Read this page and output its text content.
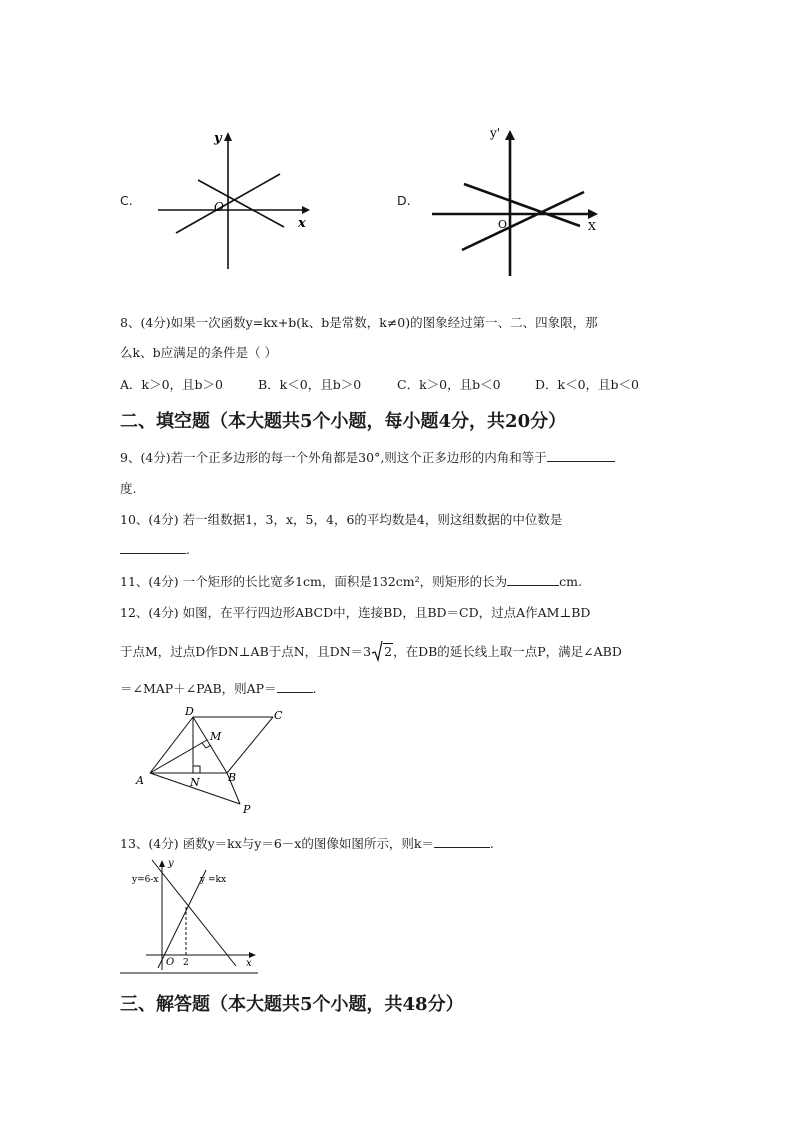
C.
y
x
O	D.
y'
X
O
8、(4分)如果一次函数y=kx+b(k、b是常数，k≠0)的图象经过第一、二、四象限，那
么k、b应满足的条件是（ ）
A．k＞0，且b＞0	B．k＜0，且b＞0	C．k＞0，且b＜0	D．k＜0，且b＜0
二、填空题（本大题共5个小题，每小题4分，共20分）
9、(4分)若一个正多边形的每一个外角都是30°,则这个正多边形的内角和等于
度.
10、(4分) 若一组数据1，3，x，5，4，6的平均数是4，则这组数据的中位数是
.
11、(4分) 一个矩形的长比宽多1cm，面积是132cm²，则矩形的长为	cm.
12、(4分) 如图，在平行四边形ABCD中，连接BD，且BD＝CD，过点A作AM⊥BD
于点M，过点D作DN⊥AB于点N，且DN＝3 2，在DB的延长线上取一点P，满足∠ABD
＝∠MAP＋∠PAB，则AP＝	.
D	C
M
A	B
N
P
13、(4分) 函数y＝kx与y＝6－x的图像如图所示，则k＝	.
y=6-x	y =kx
y
x
O 2
三、解答题（本大题共5个小题，共48分）
